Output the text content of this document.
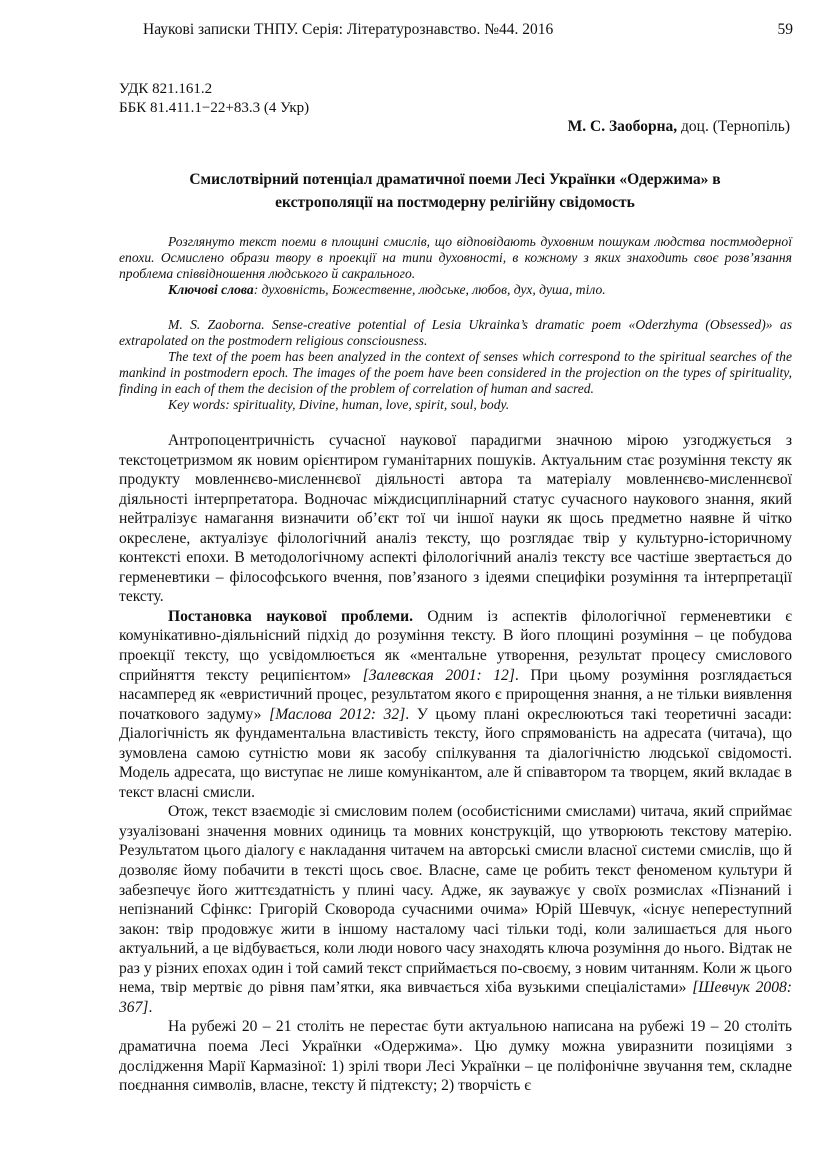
Наукові записки ТНПУ. Серія: Літературознавство. №44. 2016	59
УДК 821.161.2
ББК 81.411.1−22+83.3 (4 Укр)
М. С. Заоборна, доц. (Тернопіль)
Смислотвірний потенціал драматичної поеми Лесі Українки «Одержима» в
екстрополяції на постмодерну релігійну свідомость

Розглянуто текст поеми в площині смислів, що відповідають духовним пошукам людства постмодерної епохи. Осмислено образи твору в проекції на типи духовності, в кожному з яких знаходить своє розв’язання проблема співвідношення людського й сакрального.

Ключові слова: духовність, Божественне, людське, любов, дух, душа, тіло.

M. S. Zaoborna. Sense-creative potential of Lesia Ukrainka’s dramatic poem «Oderzhyma (Obsessed)» as extrapolated on the postmodern religious consciousness.

The text of the poem has been analyzed in the context of senses which correspond to the spiritual searches of the mankind in postmodern epoch. The images of the poem have been considered in the projection on the types of spirituality, finding in each of them the decision of the problem of correlation of human and sacred.

Key words: spirituality, Divine, human, love, spirit, soul, body.

Антропоцентричність сучасної наукової парадигми значною мірою узгоджується з текстоцетризмом як новим орієнтиром гуманітарних пошуків. Актуальним стає розуміння тексту як продукту мовленнєво-мисленнєвої діяльності автора та матеріалу мовленнєво-мисленнєвої діяльності інтерпретатора. Водночас міждисциплінарний статус сучасного наукового знання, який нейтралізує намагання визначити об’єкт тої чи іншої науки як щось предметно наявне й чітко окреслене, актуалізує філологічний аналіз тексту, що розглядає твір у культурно-історичному контексті епохи. В методологічному аспекті філологічний аналіз тексту все частіше звертається до герменевтики – філософського вчення, пов’язаного з ідеями специфіки розуміння та інтерпретації тексту.

Постановка наукової проблеми. Одним із аспектів філологічної герменевтики є комунікативно-діяльнісний підхід до розуміння тексту. В його площині розуміння – це побудова проекції тексту, що усвідомлюється як «ментальне утворення, результат процесу смислового сприйняття тексту реципієнтом» [Залевская 2001: 12]. При цьому розуміння розглядається насамперед як «евристичний процес, результатом якого є прирощення знання, а не тільки виявлення початкового задуму» [Маслова 2012: 32]. У цьому плані окреслюються такі теоретичні засади: Діалогічність як фундаментальна властивість тексту, його спрямованість на адресата (читача), що зумовлена самою сутністю мови як засобу спілкування та діалогічністю людської свідомості. Модель адресата, що виступає не лише комунікантом, але й співавтором та творцем, який вкладає в текст власні смисли.

Отож, текст взаємодіє зі смисловим полем (особистісними смислами) читача, який сприймає узуалізовані значення мовних одиниць та мовних конструкцій, що утворюють текстову матерію. Результатом цього діалогу є накладання читачем на авторські смисли власної системи смислів, що й дозволяє йому побачити в тексті щось своє. Власне, саме це робить текст феноменом культури й забезпечує його життєздатність у плині часу. Адже, як зауважує у своїх розмислах «Пізнаний і непізнаний Сфінкс: Григорій Сковорода сучасними очима» Юрій Шевчук, «існує непереступний закон: твір продовжує жити в іншому насталому часі тільки тоді, коли залишається для нього актуальний, а це відбувається, коли люди нового часу знаходять ключа розуміння до нього. Відтак не раз у різних епохах один і той самий текст сприймається по-своєму, з новим читанням. Коли ж цього нема, твір мертвіє до рівня пам’ятки, яка вивчається хіба вузькими спеціалістами» [Шевчук 2008: 367].

На рубежі 20 – 21 століть не перестає бути актуальною написана на рубежі 19 – 20 століть драматична поема Лесі Українки «Одержима». Цю думку можна увиразнити позиціями з дослідження Марії Кармазіної: 1) зрілі твори Лесі Українки – це поліфонічне звучання тем, складне поєднання символів, власне, тексту й підтексту; 2) творчість є
